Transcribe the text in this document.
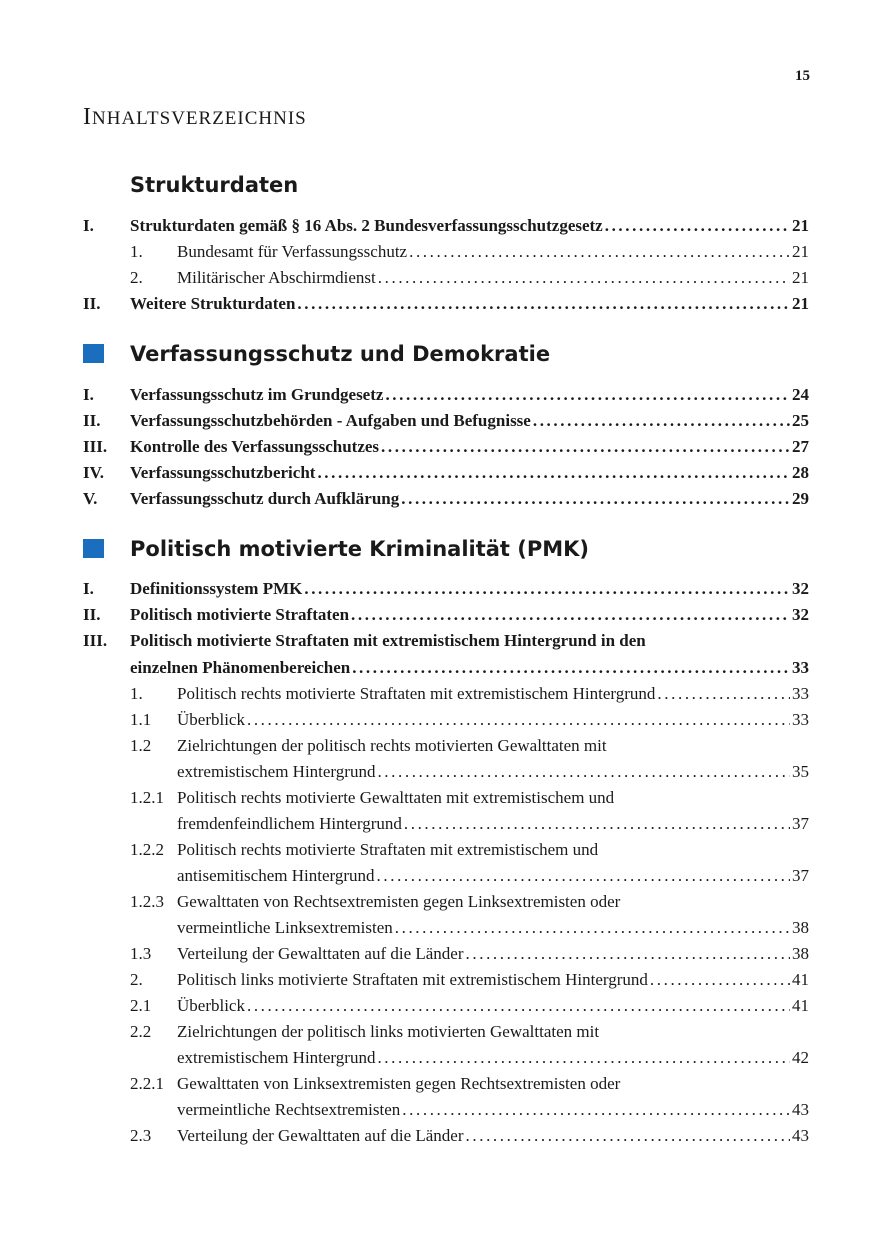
15
INHALTSVERZEICHNIS
Strukturdaten
I. Strukturdaten gemäß § 16 Abs. 2 Bundesverfassungsschutzgesetz .....	21
1. Bundesamt für Verfassungsschutz .....	21
2. Militärischer Abschirmdienst .....	21
II. Weitere Strukturdaten .....	21
Verfassungsschutz und Demokratie
I. Verfassungsschutz im Grundgesetz .....	24
II. Verfassungsschutzbehörden - Aufgaben und Befugnisse .....	25
III. Kontrolle des Verfassungsschutzes .....	27
IV. Verfassungsschutzbericht .....	28
V. Verfassungsschutz durch Aufklärung .....	29
Politisch motivierte Kriminalität (PMK)
I. Definitionssystem PMK .....	32
II. Politisch motivierte Straftaten .....	32
III. Politisch motivierte Straftaten mit extremistischem Hintergrund in den
einzelnen Phänomenbereichen .....	33
1. Politisch rechts motivierte Straftaten mit extremistischem Hintergrund .....	33
1.1 Überblick .....	33
1.2 Zielrichtungen der politisch rechts motivierten Gewalttaten mit
extremistischem Hintergrund .....	35
1.2.1 Politisch rechts motivierte Gewalttaten mit extremistischem und
fremdenfeindlichem Hintergrund .....	37
1.2.2 Politisch rechts motivierte Straftaten mit extremistischem und
antisemitischem Hintergrund .....	37
1.2.3 Gewalttaten von Rechtsextremisten gegen Linksextremisten oder
vermeintliche Linksextremisten .....	38
1.3 Verteilung der Gewalttaten auf die Länder .....	38
2. Politisch links motivierte Straftaten mit extremistischem Hintergrund .....	41
2.1 Überblick .....	41
2.2 Zielrichtungen der politisch links motivierten Gewalttaten mit
extremistischem Hintergrund .....	42
2.2.1 Gewalttaten von Linksextremisten gegen Rechtsextremisten oder
vermeintliche Rechtsextremisten .....	43
2.3 Verteilung der Gewalttaten auf die Länder .....	43
